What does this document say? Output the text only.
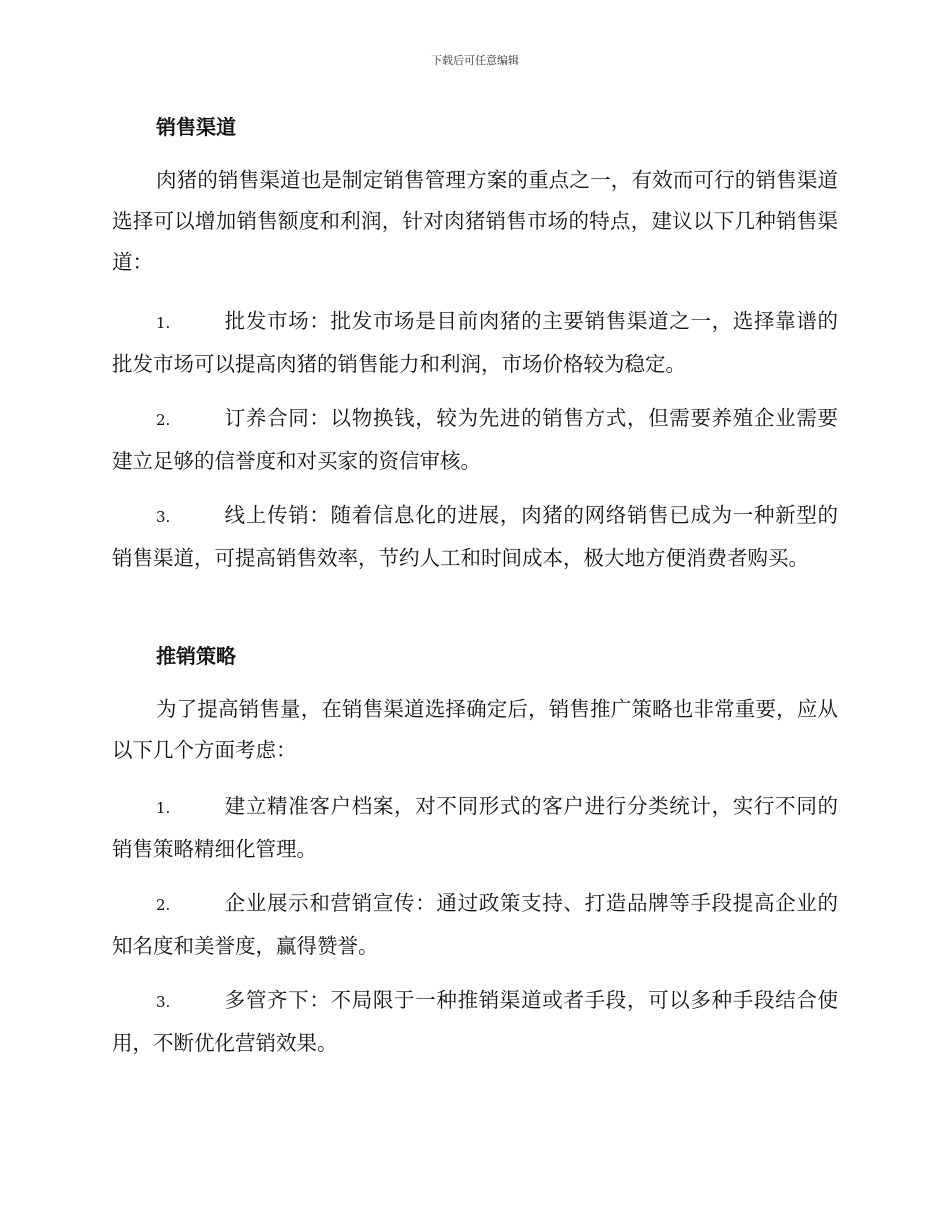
下载后可任意编辑
销售渠道
肉猪的销售渠道也是制定销售管理方案的重点之一，有效而可行的销售渠道选择可以增加销售额度和利润，针对肉猪销售市场的特点，建议以下几种销售渠道：
1.	批发市场：批发市场是目前肉猪的主要销售渠道之一，选择靠谱的批发市场可以提高肉猪的销售能力和利润，市场价格较为稳定。
2.	订养合同：以物换钱，较为先进的销售方式，但需要养殖企业需要建立足够的信誉度和对买家的资信审核。
3.	线上传销：随着信息化的进展，肉猪的网络销售已成为一种新型的销售渠道，可提高销售效率，节约人工和时间成本，极大地方便消费者购买。
推销策略
为了提高销售量，在销售渠道选择确定后，销售推广策略也非常重要，应从以下几个方面考虑：
1.	建立精准客户档案，对不同形式的客户进行分类统计，实行不同的销售策略精细化管理。
2.	企业展示和营销宣传：通过政策支持、打造品牌等手段提高企业的知名度和美誉度，赢得赞誉。
3.	多管齐下：不局限于一种推销渠道或者手段，可以多种手段结合使用，不断优化营销效果。
